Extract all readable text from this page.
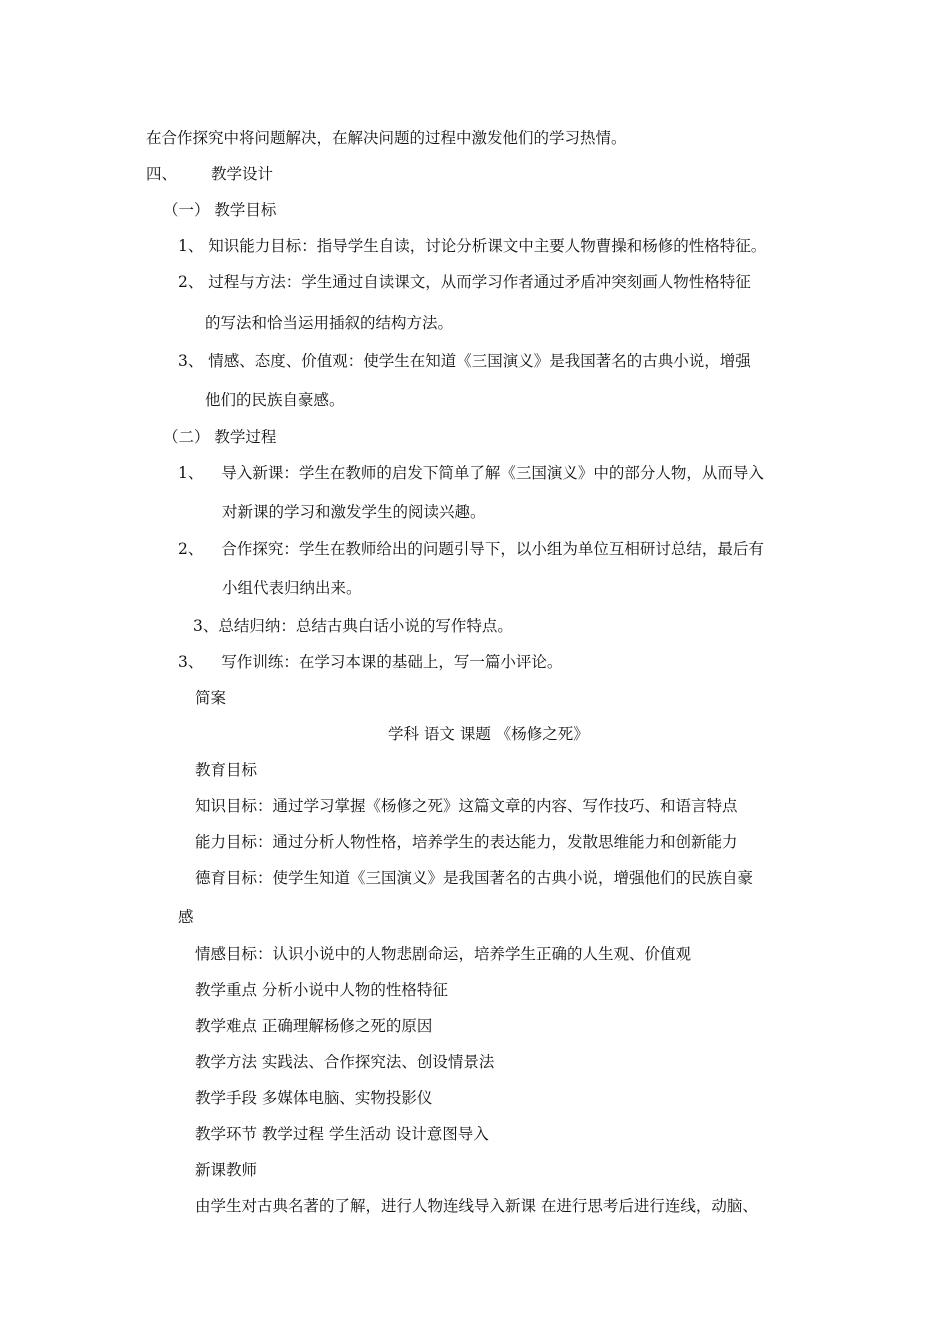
在合作探究中将问题解决，在解决问题的过程中激发他们的学习热情。
四、 教学设计
（一） 教学目标
1、 知识能力目标：指导学生自读，讨论分析课文中主要人物曹操和杨修的性格特征。
2、 过程与方法：学生通过自读课文，从而学习作者通过矛盾冲突刻画人物性格特征
的写法和恰当运用插叙的结构方法。
3、 情感、态度、价值观：使学生在知道《三国演义》是我国著名的古典小说，增强
他们的民族自豪感。
（二） 教学过程
1、 导入新课：学生在教师的启发下简单了解《三国演义》中的部分人物，从而导入
对新课的学习和激发学生的阅读兴趣。
2、 合作探究：学生在教师给出的问题引导下，以小组为单位互相研讨总结，最后有
小组代表归纳出来。
3、总结归纳：总结古典白话小说的写作特点。
3、 写作训练：在学习本课的基础上，写一篇小评论。
简案
学科 语文 课题 《杨修之死》
教育目标
知识目标：通过学习掌握《杨修之死》这篇文章的内容、写作技巧、和语言特点
能力目标：通过分析人物性格，培养学生的表达能力，发散思维能力和创新能力
德育目标：使学生知道《三国演义》是我国著名的古典小说，增强他们的民族自豪
感
情感目标：认识小说中的人物悲剧命运，培养学生正确的人生观、价值观
教学重点 分析小说中人物的性格特征
教学难点 正确理解杨修之死的原因
教学方法 实践法、合作探究法、创设情景法
教学手段 多媒体电脑、实物投影仪
教学环节 教学过程 学生活动 设计意图导入
新课教师
由学生对古典名著的了解，进行人物连线导入新课 在进行思考后进行连线，动脑、
